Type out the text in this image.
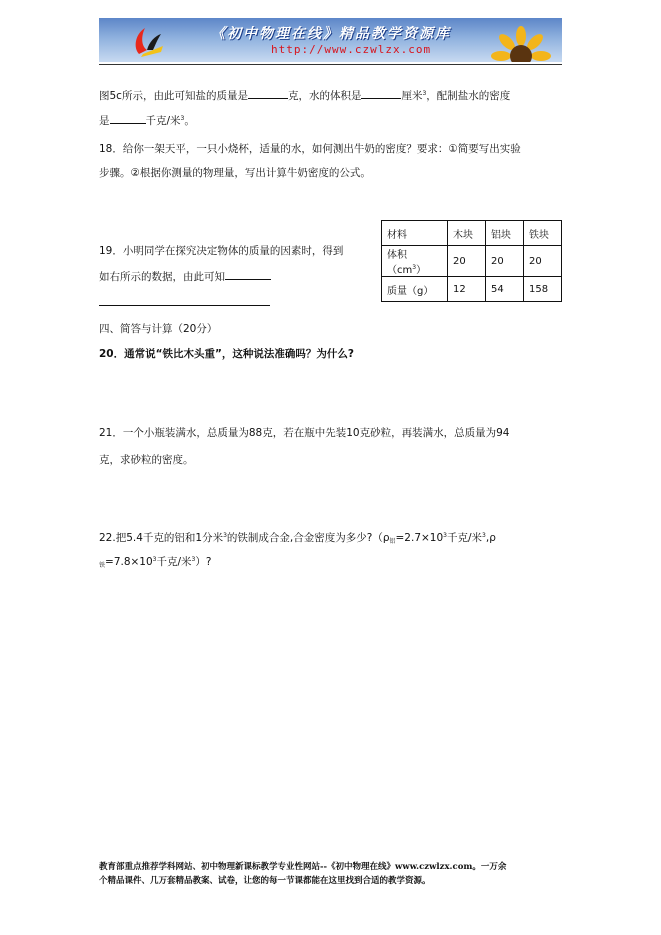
《初中物理在线》精品教学资源库
http://www.czwlzx.com
图5c所示，由此可知盐的质量是	克，水的体积是	厘米$^3$，配制盐水的密度
是	千克/米$^3$。
18．给你一架天平，一只小烧杯，适量的水，如何测出牛奶的密度？要求：①简要写出实验
步骤。②根据你测量的物理量，写出计算牛奶密度的公式。
19．小明同学在探究决定物体的质量的因素时，得到
如右所示的数据，由此可知
材料	木块	铝块	铁块
体积$(cm^3)$	20	20	20
质量（g）	12	54	158
四、简答与计算（20分）
20．通常说“铁比木头重”，这种说法准确吗？为什么?
21．一个小瓶装满水，总质量为88克，若在瓶中先装10克砂粒，再装满水，总质量为94
克，求砂粒的密度。
22.把5.4千克的铝和1分米$^3$的铁制成合金,合金密度为多少$?(\rho_铝=2.7\times 10^3$千克/米$^3$,ρ
$_铁=7.8\times 10^3$千克/米$^3$）?
教育部重点推荐学科网站、初中物理新课标教学专业性网站--《初中物理在线》www.czwlzx.com。一万余
个精品课件、几万套精品教案、试卷，让您的每一节课都能在这里找到合适的教学资源。
